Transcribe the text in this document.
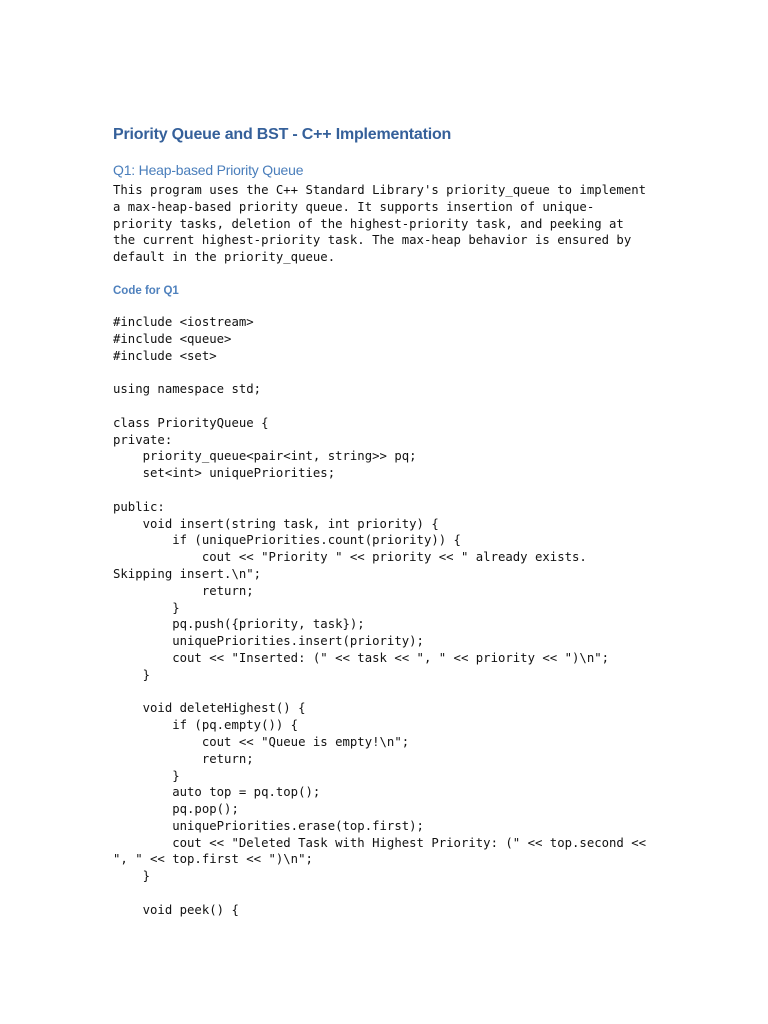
Priority Queue and BST - C++ Implementation
Q1: Heap-based Priority Queue

This program uses the C++ Standard Library's priority_queue to implement
a max-heap-based priority queue. It supports insertion of unique-
priority tasks, deletion of the highest-priority task, and peeking at
the current highest-priority task. The max-heap behavior is ensured by
default in the priority_queue.

Code for Q1
#include <iostream>
#include <queue>
#include <set>

using namespace std;

class PriorityQueue {
private:
priority_queue<pair<int, string>> pq;
set<int> uniquePriorities;

public:
void insert(string task, int priority) {
if (uniquePriorities.count(priority)) {
cout << "Priority " << priority << " already exists.
Skipping insert.\n";
return;
}
pq.push({priority, task});
uniquePriorities.insert(priority);
cout << "Inserted: (" << task << ", " << priority << ")\n";
}

void deleteHighest() {
if (pq.empty()) {
cout << "Queue is empty!\n";
return;
}
auto top = pq.top();
pq.pop();
uniquePriorities.erase(top.first);
cout << "Deleted Task with Highest Priority: (" << top.second <<
", " << top.first << ")\n";
}

void peek() {
